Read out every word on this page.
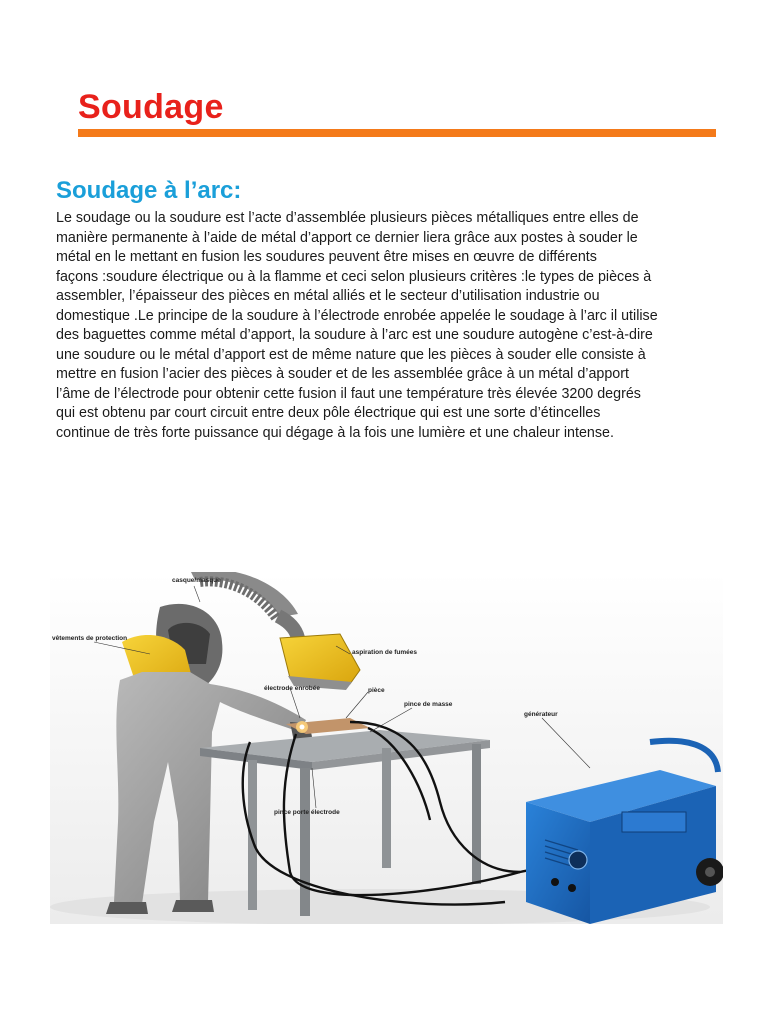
Soudage
Soudage à l’arc:

Le soudage ou la soudure est l’acte d’assemblée plusieurs pièces métalliques entre elles de
manière permanente à l’aide de métal d’apport ce dernier liera grâce aux postes à souder le
métal en le mettant en fusion les soudures peuvent être mises en œuvre de différents
façons :soudure électrique ou à la flamme et ceci selon plusieurs critères :le types de pièces à
assembler, l’épaisseur des pièces en métal alliés et le secteur d’utilisation industrie ou
domestique .Le principe de la soudure à l’électrode enrobée appelée le soudage à l’arc il utilise
des baguettes comme métal d’apport, la soudure à l’arc est une soudure autogène c’est-à-dire
une soudure ou le métal d’apport est de même nature que les pièces à souder elle consiste à
mettre en fusion l’acier des pièces à souder et de les assemblée grâce à un métal d’apport
l’âme de l’électrode pour obtenir cette fusion il faut une température très élevée 3200 degrés
qui est obtenu par court circuit entre deux pôle électrique qui est une sorte d’étincelles
continue de très forte puissance qui dégage à la fois une lumière et une chaleur intense.

casque/masque
vêtements de protection
aspiration de fumées
électrode enrobée	pièce
pince de masse
générateur
pince porte électrode
